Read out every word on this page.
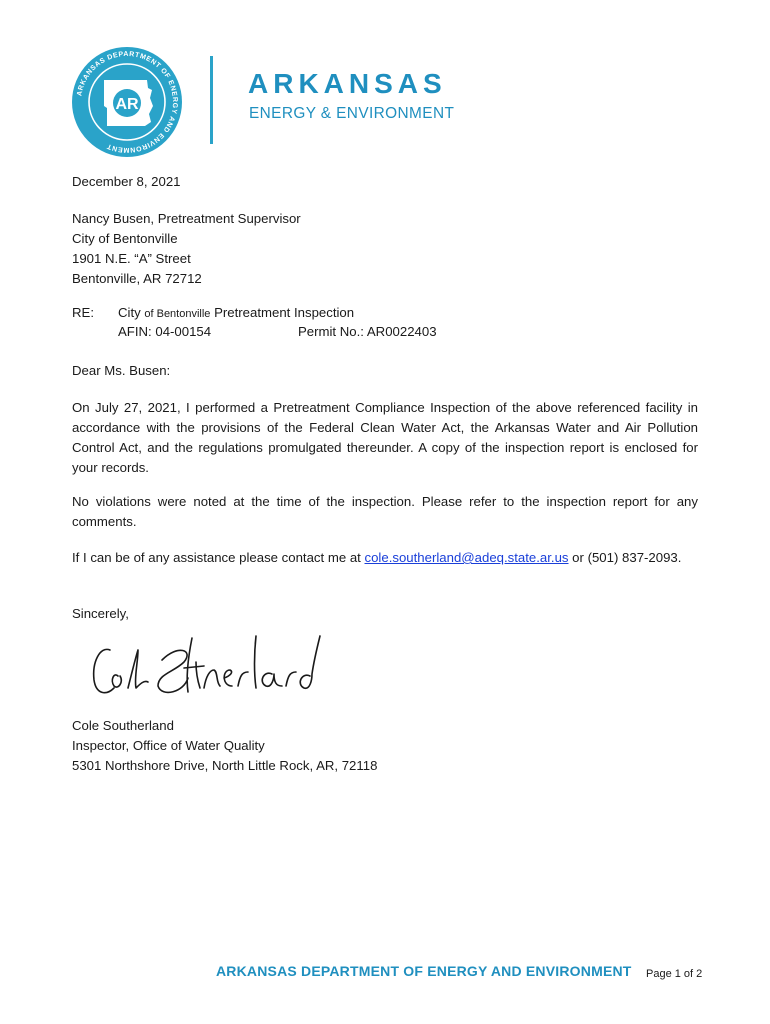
ARKANSAS DEPARTMENT OF ENERGY AND ENVIRONMENT
AR
ARKANSAS
ENERGY & ENVIRONMENT
December 8, 2021
Nancy Busen, Pretreatment Supervisor
City of Bentonville
1901 N.E. “A” Street
Bentonville, AR 72712
RE: City of Bentonville Pretreatment Inspection
AFIN: 04-00154	Permit No.: AR0022403
Dear Ms. Busen:
On July 27, 2021, I performed a Pretreatment Compliance Inspection of the above referenced facility in accordance with the provisions of the Federal Clean Water Act, the Arkansas Water and Air Pollution Control Act, and the regulations promulgated thereunder. A copy of the inspection report is enclosed for your records.
No violations were noted at the time of the inspection. Please refer to the inspection report for any comments.
If I can be of any assistance please contact me at cole.southerland@adeq.state.ar.us or (501) 837-2093.
Sincerely,
Cole Southerland
Inspector, Office of Water Quality
5301 Northshore Drive, North Little Rock, AR, 72118
ARKANSAS DEPARTMENT OF ENERGY AND ENVIRONMENT Page 1 of 2
